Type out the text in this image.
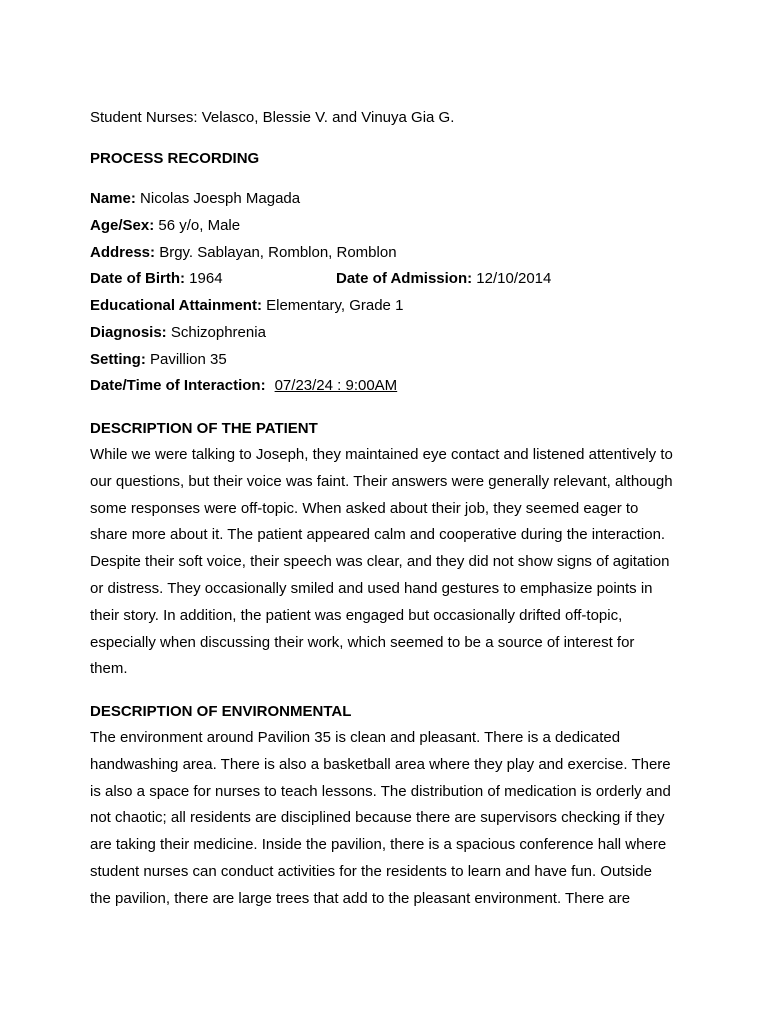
Student Nurses: Velasco, Blessie V. and Vinuya Gia G.
PROCESS RECORDING
Name: Nicolas Joesph Magada
Age/Sex: 56 y/o, Male
Address: Brgy. Sablayan, Romblon, Romblon
Date of Birth: 1964	Date of Admission: 12/10/2014
Educational Attainment: Elementary, Grade 1
Diagnosis: Schizophrenia
Setting: Pavillion 35
Date/Time of Interaction: 07/23/24 : 9:00AM
DESCRIPTION OF THE PATIENT
While we were talking to Joseph, they maintained eye contact and listened attentively to
our questions, but their voice was faint. Their answers were generally relevant, although
some responses were off-topic. When asked about their job, they seemed eager to
share more about it. The patient appeared calm and cooperative during the interaction.
Despite their soft voice, their speech was clear, and they did not show signs of agitation
or distress. They occasionally smiled and used hand gestures to emphasize points in
their story. In addition, the patient was engaged but occasionally drifted off-topic,
especially when discussing their work, which seemed to be a source of interest for
them.
DESCRIPTION OF ENVIRONMENTAL
The environment around Pavilion 35 is clean and pleasant. There is a dedicated
handwashing area. There is also a basketball area where they play and exercise. There
is also a space for nurses to teach lessons. The distribution of medication is orderly and
not chaotic; all residents are disciplined because there are supervisors checking if they
are taking their medicine. Inside the pavilion, there is a spacious conference hall where
student nurses can conduct activities for the residents to learn and have fun. Outside
the pavilion, there are large trees that add to the pleasant environment. There are
